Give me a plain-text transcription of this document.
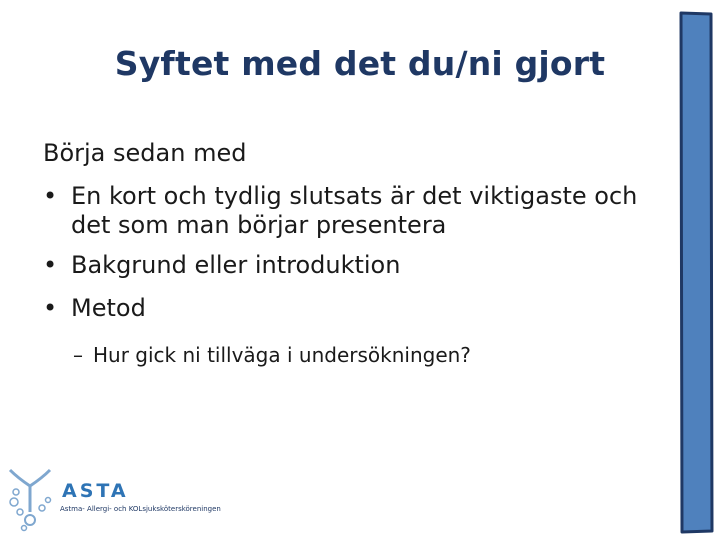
Syftet med det du/ni gjort
Börja sedan med
• En kort och tydlig slutsats är det viktigaste och
det som man börjar presentera
• Bakgrund eller introduktion
• Metod
– Hur gick ni tillväga i undersökningen?
ASTA
Astma- Allergi- och KOLsjukskötersköreningen
